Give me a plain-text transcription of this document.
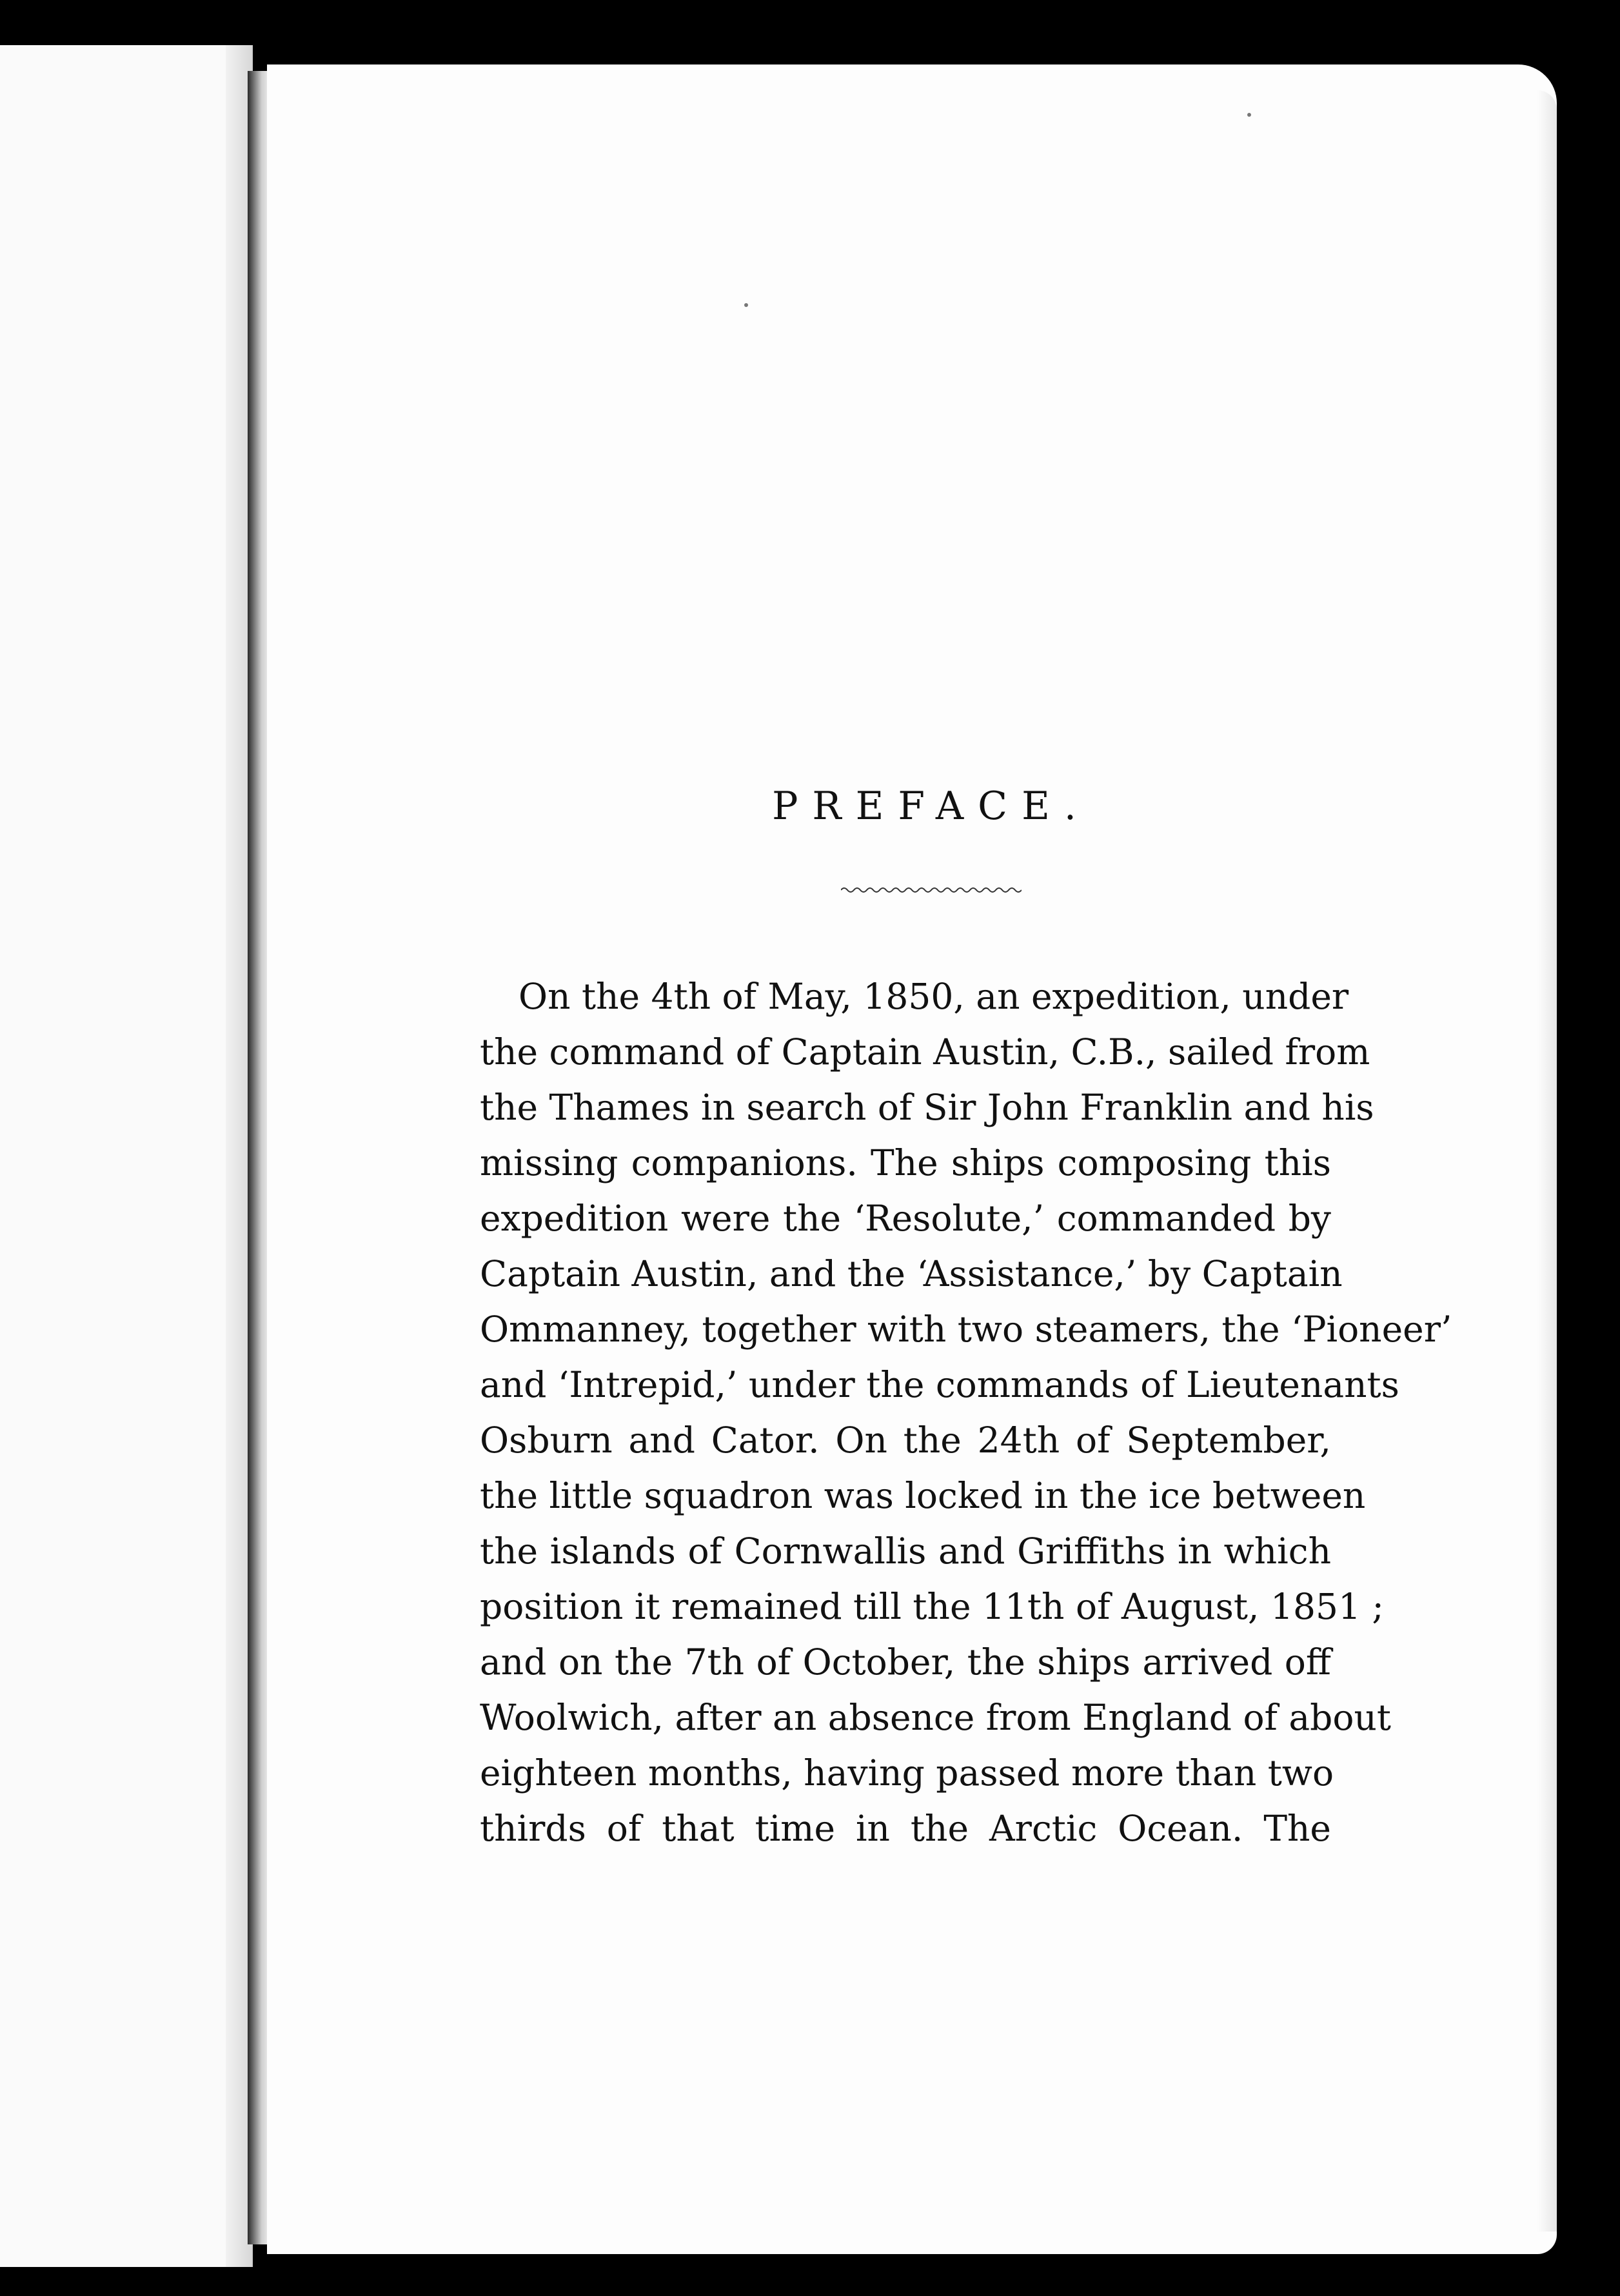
PREFACE.
On the 4th of May, 1850, an expedition, under
the command of Captain Austin, C.B., sailed from
the Thames in search of Sir John Franklin and his
missing companions. The ships composing this
expedition were the ‘Resolute,’ commanded by
Captain Austin, and the ‘Assistance,’ by Captain
Ommanney, together with two steamers, the ‘Pioneer’
and ‘Intrepid,’ under the commands of Lieutenants
Osburn and Cator. On the 24th of September,
the little squadron was locked in the ice between
the islands of Cornwallis and Griffiths in which
position it remained till the 11th of August, 1851 ;
and on the 7th of October, the ships arrived off
Woolwich, after an absence from England of about
eighteen months, having passed more than two
thirds of that time in the Arctic Ocean. The
